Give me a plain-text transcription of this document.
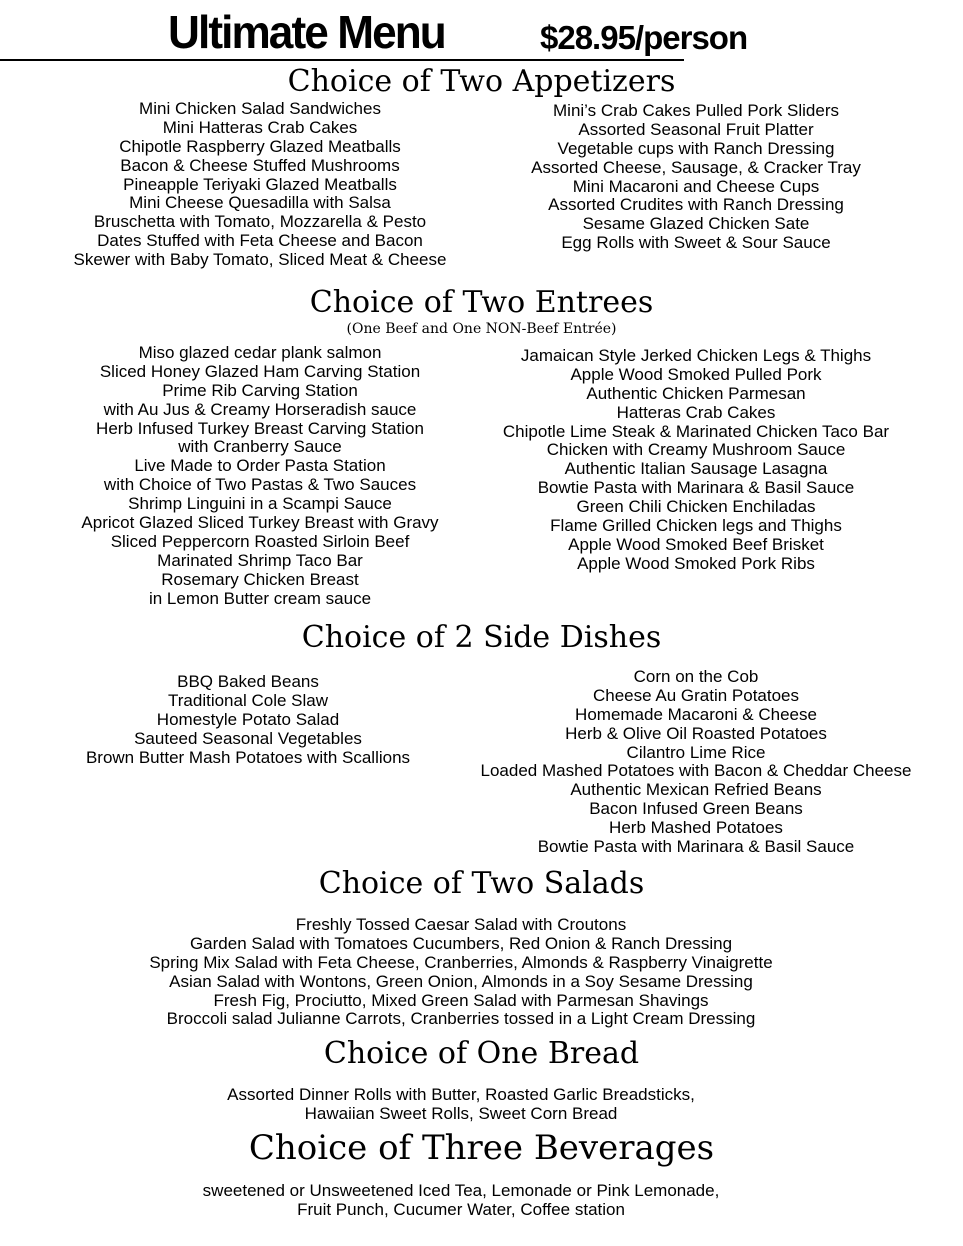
Ultimate Menu	$28.95/person
Choice of Two Appetizers
Mini Chicken Salad Sandwiches
Mini Hatteras Crab Cakes
Chipotle Raspberry Glazed Meatballs
Bacon & Cheese Stuffed Mushrooms
Pineapple Teriyaki Glazed Meatballs
Mini Cheese Quesadilla with Salsa
Bruschetta with Tomato, Mozzarella & Pesto
Dates Stuffed with Feta Cheese and Bacon
Skewer with Baby Tomato, Sliced Meat & Cheese
Mini’s Crab Cakes Pulled Pork Sliders
Assorted Seasonal Fruit Platter
Vegetable cups with Ranch Dressing
Assorted Cheese, Sausage, & Cracker Tray
Mini Macaroni and Cheese Cups
Assorted Crudites with Ranch Dressing
Sesame Glazed Chicken Sate
Egg Rolls with Sweet & Sour Sauce
Choice of Two Entrees
(One Beef and One NON-Beef Entrée)
Miso glazed cedar plank salmon
Sliced Honey Glazed Ham Carving Station
Prime Rib Carving Station
with Au Jus & Creamy Horseradish sauce
Herb Infused Turkey Breast Carving Station
with Cranberry Sauce
Live Made to Order Pasta Station
with Choice of Two Pastas & Two Sauces
Shrimp Linguini in a Scampi Sauce
Apricot Glazed Sliced Turkey Breast with Gravy
Sliced Peppercorn Roasted Sirloin Beef
Marinated Shrimp Taco Bar
Rosemary Chicken Breast
in Lemon Butter cream sauce
Jamaican Style Jerked Chicken Legs & Thighs
Apple Wood Smoked Pulled Pork
Authentic Chicken Parmesan
Hatteras Crab Cakes
Chipotle Lime Steak & Marinated Chicken Taco Bar
Chicken with Creamy Mushroom Sauce
Authentic Italian Sausage Lasagna
Bowtie Pasta with Marinara & Basil Sauce
Green Chili Chicken Enchiladas
Flame Grilled Chicken legs and Thighs
Apple Wood Smoked Beef Brisket
Apple Wood Smoked Pork Ribs
Choice of 2 Side Dishes
BBQ Baked Beans
Traditional Cole Slaw
Homestyle Potato Salad
Sauteed Seasonal Vegetables
Brown Butter Mash Potatoes with Scallions
Corn on the Cob
Cheese Au Gratin Potatoes
Homemade Macaroni & Cheese
Herb & Olive Oil Roasted Potatoes
Cilantro Lime Rice
Loaded Mashed Potatoes with Bacon & Cheddar Cheese
Authentic Mexican Refried Beans
Bacon Infused Green Beans
Herb Mashed Potatoes
Bowtie Pasta with Marinara & Basil Sauce
Choice of Two Salads
Freshly Tossed Caesar Salad with Croutons
Garden Salad with Tomatoes Cucumbers, Red Onion & Ranch Dressing
Spring Mix Salad with Feta Cheese, Cranberries, Almonds & Raspberry Vinaigrette
Asian Salad with Wontons, Green Onion, Almonds in a Soy Sesame Dressing
Fresh Fig, Prociutto, Mixed Green Salad with Parmesan Shavings
Broccoli salad Julianne Carrots, Cranberries tossed in a Light Cream Dressing
Choice of One Bread
Assorted Dinner Rolls with Butter, Roasted Garlic Breadsticks,
Hawaiian Sweet Rolls, Sweet Corn Bread
Choice of Three Beverages
sweetened or Unsweetened Iced Tea, Lemonade or Pink Lemonade,
Fruit Punch, Cucumer Water, Coffee station
